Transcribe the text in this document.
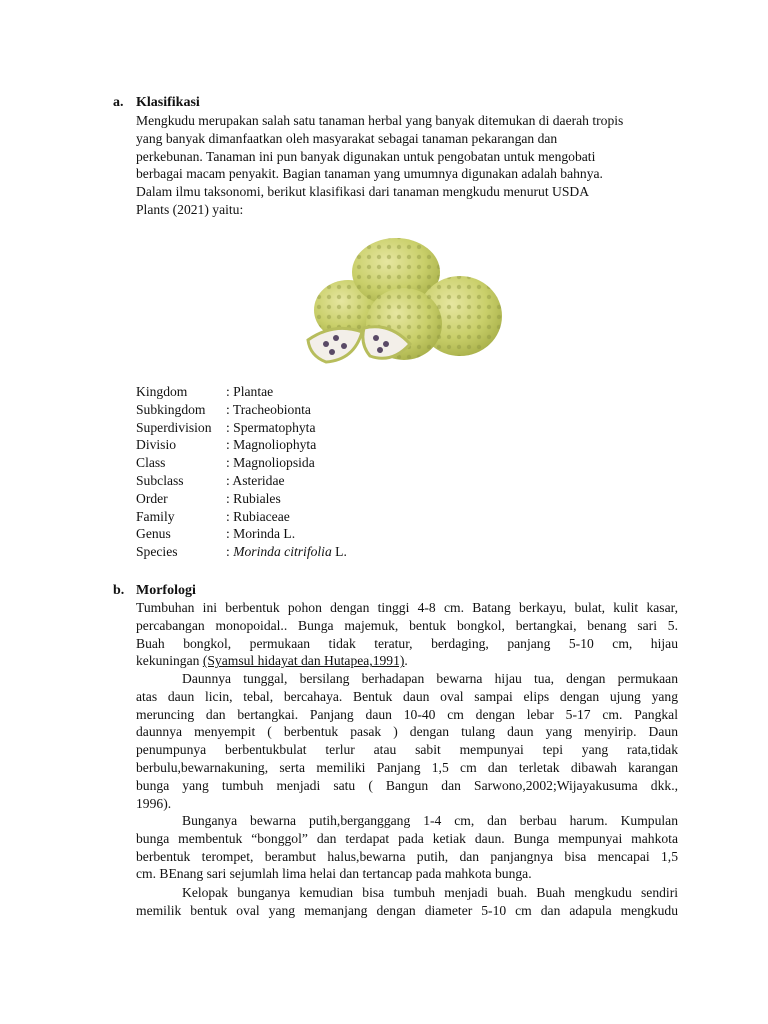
a. Klasifikasi
Mengkudu merupakan salah satu tanaman herbal yang banyak ditemukan di daerah tropis
yang banyak dimanfaatkan oleh masyarakat sebagai tanaman pekarangan dan
perkebunan. Tanaman ini pun banyak digunakan untuk pengobatan untuk mengobati
berbagai macam penyakit. Bagian tanaman yang umumnya digunakan adalah bahnya.
Dalam ilmu taksonomi, berikut klasifikasi dari tanaman mengkudu menurut USDA
Plants (2021) yaitu:
Kingdom	: Plantae
Subkingdom	: Tracheobionta
Superdivision	: Spermatophyta
Divisio	: Magnoliophyta
Class	: Magnoliopsida
Subclass	: Asteridae
Order	: Rubiales
Family	: Rubiaceae
Genus	: Morinda L.
Species	: Morinda citrifolia L.
b. Morfologi
Tumbuhan ini berbentuk pohon dengan tinggi 4-8 cm. Batang berkayu, bulat, kulit kasar,
percabangan monopoidal.. Bunga majemuk, bentuk bongkol, bertangkai, benang sari 5.
Buah bongkol, permukaan tidak teratur, berdaging, panjang 5-10 cm, hijau
kekuningan (Syamsul hidayat dan Hutapea,1991).
Daunnya tunggal, bersilang berhadapan bewarna hijau tua, dengan permukaan
atas daun licin, tebal, bercahaya. Bentuk daun oval sampai elips dengan ujung yang
meruncing dan bertangkai. Panjang daun 10-40 cm dengan lebar 5-17 cm. Pangkal
daunnya menyempit ( berbentuk pasak ) dengan tulang daun yang menyirip. Daun
penumpunya berbentukbulat terlur atau sabit mempunyai tepi yang rata,tidak
berbulu,bewarnakuning, serta memiliki Panjang 1,5 cm dan terletak dibawah karangan
bunga yang tumbuh menjadi satu ( Bangun dan Sarwono,2002;Wijayakusuma dkk.,
1996).
Bunganya bewarna putih,berganggang 1-4 cm, dan berbau harum. Kumpulan
bunga membentuk “bonggol” dan terdapat pada ketiak daun. Bunga mempunyai mahkota
berbentuk terompet, berambut halus,bewarna putih, dan panjangnya bisa mencapai 1,5
cm. BEnang sari sejumlah lima helai dan tertancap pada mahkota bunga.
Kelopak bunganya kemudian bisa tumbuh menjadi buah. Buah mengkudu sendiri
memilik bentuk oval yang memanjang dengan diameter 5-10 cm dan adapula mengkudu
